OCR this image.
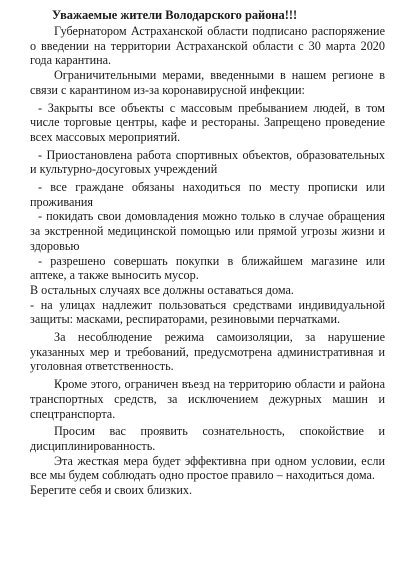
Уважаемые жители Володарского района!!!

Губернатором Астраханской области подписано распоряжение о введении на территории Астраханской области с 30 марта 2020 года карантина.

Ограничительными мерами, введенными в нашем регионе в связи с карантином из-за коронавирусной инфекции:

- Закрыты все объекты с массовым пребыванием людей, в том числе торговые центры, кафе и рестораны. Запрещено проведение всех массовых мероприятий.

- Приостановлена работа спортивных объектов, образовательных и культурно-досуговых учреждений

- все граждане обязаны находиться по месту прописки или проживания

- покидать свои домовладения можно только в случае обращения за экстренной медицинской помощью или прямой угрозы жизни и здоровью

- разрешено совершать покупки в ближайшем магазине или аптеке, а также выносить мусор.

В остальных случаях все должны оставаться дома.

- на улицах надлежит пользоваться средствами индивидуальной защиты: масками, респираторами, резиновыми перчатками.

За несоблюдение режима самоизоляции, за нарушение указанных мер и требований, предусмотрена административная и уголовная ответственность.

Кроме этого, ограничен въезд на территорию области и района транспортных средств, за исключением дежурных машин и спецтранспорта.

Просим вас проявить сознательность, спокойствие и дисциплинированность.

Эта жесткая мера будет эффективна при одном условии, если все мы будем соблюдать одно простое правило – находиться дома.

Берегите себя и своих близких.
